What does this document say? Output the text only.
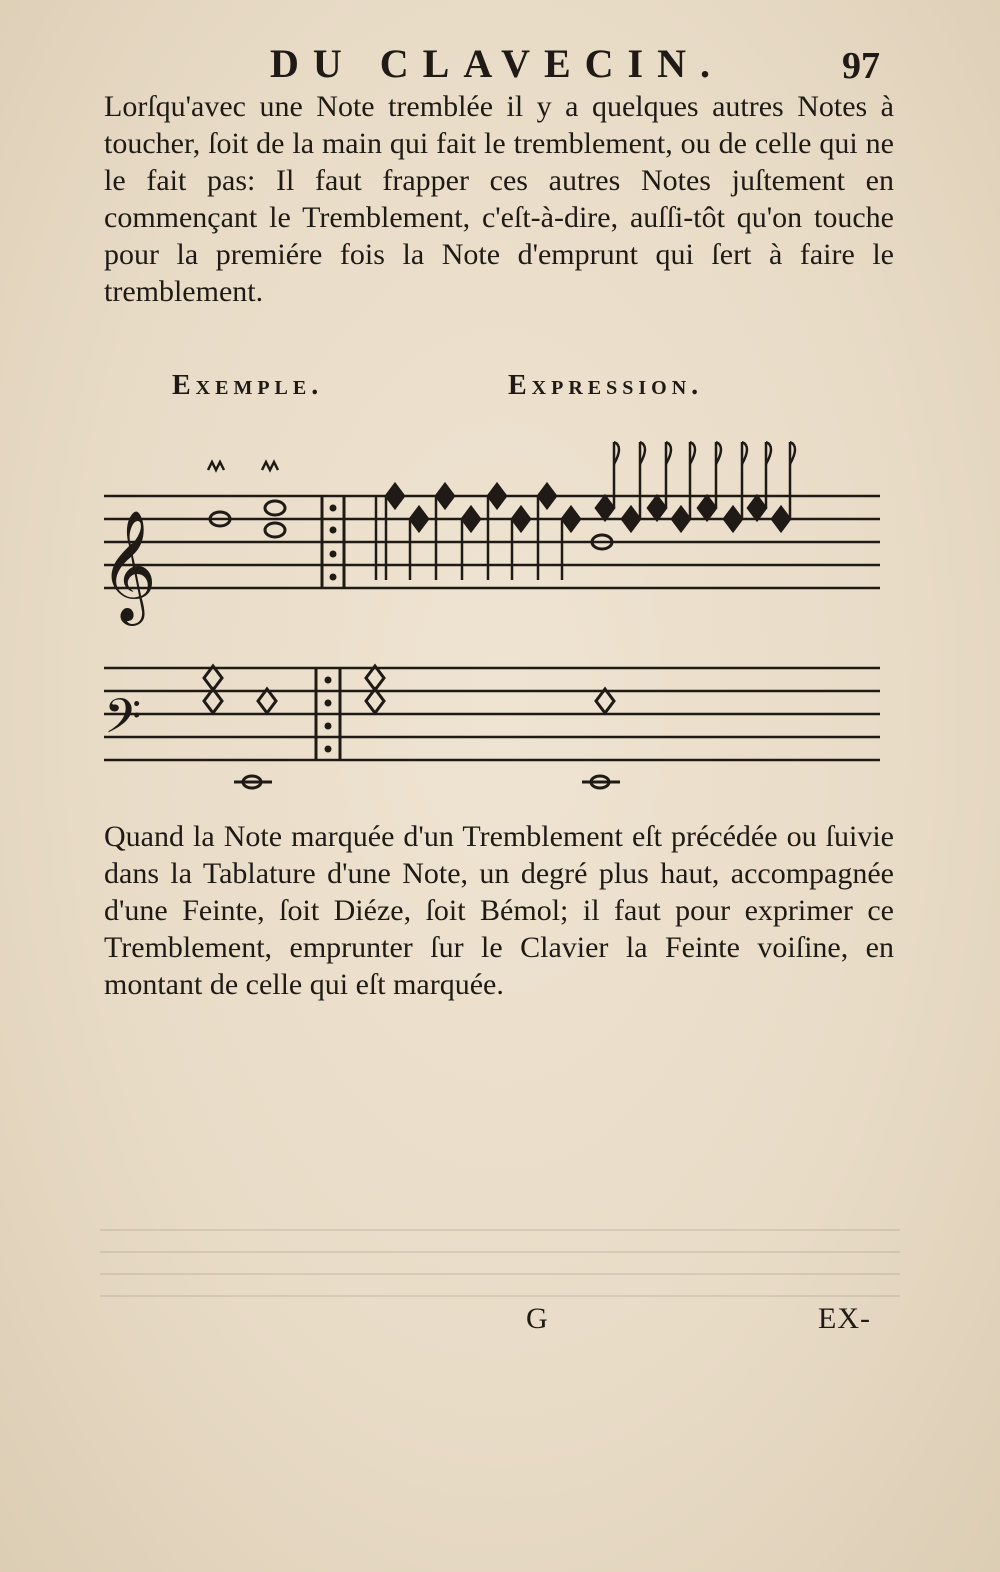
DU CLAVECIN.	97

Lorſqu'avec une Note tremblée il y a quelques autres Notes à toucher, ſoit de la main qui fait le tremblement, ou de celle qui ne le fait pas: Il faut frapper ces autres Notes juſtement en commençant le Tremblement, c'eſt-à-dire, auſſi-tôt qu'on touche pour la premiére fois la Note d'emprunt qui ſert à faire le tremblement.

Exemple.	Expression.
𝄞
𝄢

Quand la Note marquée d'un Tremblement eſt précédée ou ſuivie dans la Tablature d'une Note, un degré plus haut, accompagnée d'une Feinte, ſoit Diéze, ſoit Bémol; il faut pour exprimer ce Tremblement, emprunter ſur le Clavier la Feinte voiſine, en montant de celle qui eſt marquée.

G	EX-
